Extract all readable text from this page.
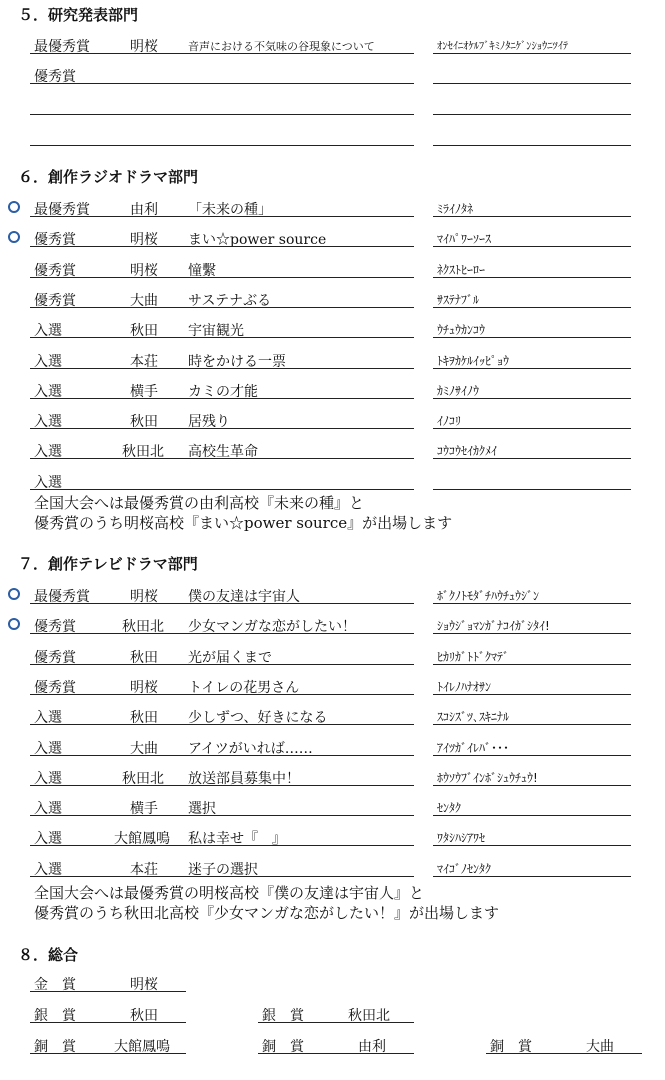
５．研究発表部門
最優秀賞	明桜	音声における不気味の谷現象について	ｵﾝｾｲﾆｵｹﾙﾌﾞｷﾐﾉﾀﾆｹﾞﾝｼｮｳﾆﾂｲﾃ
優秀賞
６．創作ラジオドラマ部門
最優秀賞	由利 「未来の種」	ﾐﾗｲﾉﾀﾈ
優秀賞	明桜 まい☆power source	ﾏｲﾊﾟﾜｰｿｰｽ
優秀賞	明桜 憧繫	ﾈｸｽﾄﾋｰﾛｰ
優秀賞	大曲 サステナぶる	ｻｽﾃﾅﾌﾞﾙ
入選	秋田 宇宙観光	ｳﾁｭｳｶﾝｺｳ
入選	本荘 時をかける一票	ﾄｷｦｶｹﾙｲｯﾋﾟｮｳ
入選	横手 カミの才能	ｶﾐﾉｻｲﾉｳ
入選	秋田 居残り	ｲﾉｺﾘ
入選	秋田北 高校生革命	ｺｳｺｳｾｲｶｸﾒｲ
入選
全国大会へは最優秀賞の由利高校『未来の種』と
優秀賞のうち明桜高校『まい☆power source』が出場します
７．創作テレビドラマ部門
最優秀賞	明桜 僕の友達は宇宙人	ﾎﾞｸﾉﾄﾓﾀﾞﾁﾊｳﾁｭｳｼﾞﾝ
優秀賞	秋田北 少女マンガな恋がしたい！	ｼｮｳｼﾞｮﾏﾝｶﾞﾅｺｲｶﾞｼﾀｲ!
優秀賞	秋田 光が届くまで	ﾋｶﾘｶﾞﾄﾄﾞｸﾏﾃﾞ
優秀賞	明桜 トイレの花男さん	ﾄｲﾚﾉﾊﾅｵｻﾝ
入選	秋田 少しずつ、好きになる	ｽｺｼｽﾞﾂ､ｽｷﾆﾅﾙ
入選	大曲 アイツがいれば……	ｱｲﾂｶﾞｲﾚﾊﾞ･･･
入選	秋田北 放送部員募集中！	ﾎｳｿｳﾌﾞｲﾝﾎﾞｼｭｳﾁｭｳ!
入選	横手 選択	ｾﾝﾀｸ
入選	大館鳳鳴 私は幸せ『　』	ﾜﾀｼﾊｼｱﾜｾ
入選	本荘 迷子の選択	ﾏｲｺﾞﾉｾﾝﾀｸ
全国大会へは最優秀賞の明桜高校『僕の友達は宇宙人』と
優秀賞のうち秋田北高校『少女マンガな恋がしたい！』が出場します
８．総合
金　賞	明桜
銀　賞	秋田	銀　賞	秋田北
銅　賞	大館鳳鳴	銅　賞	由利	銅　賞	大曲
